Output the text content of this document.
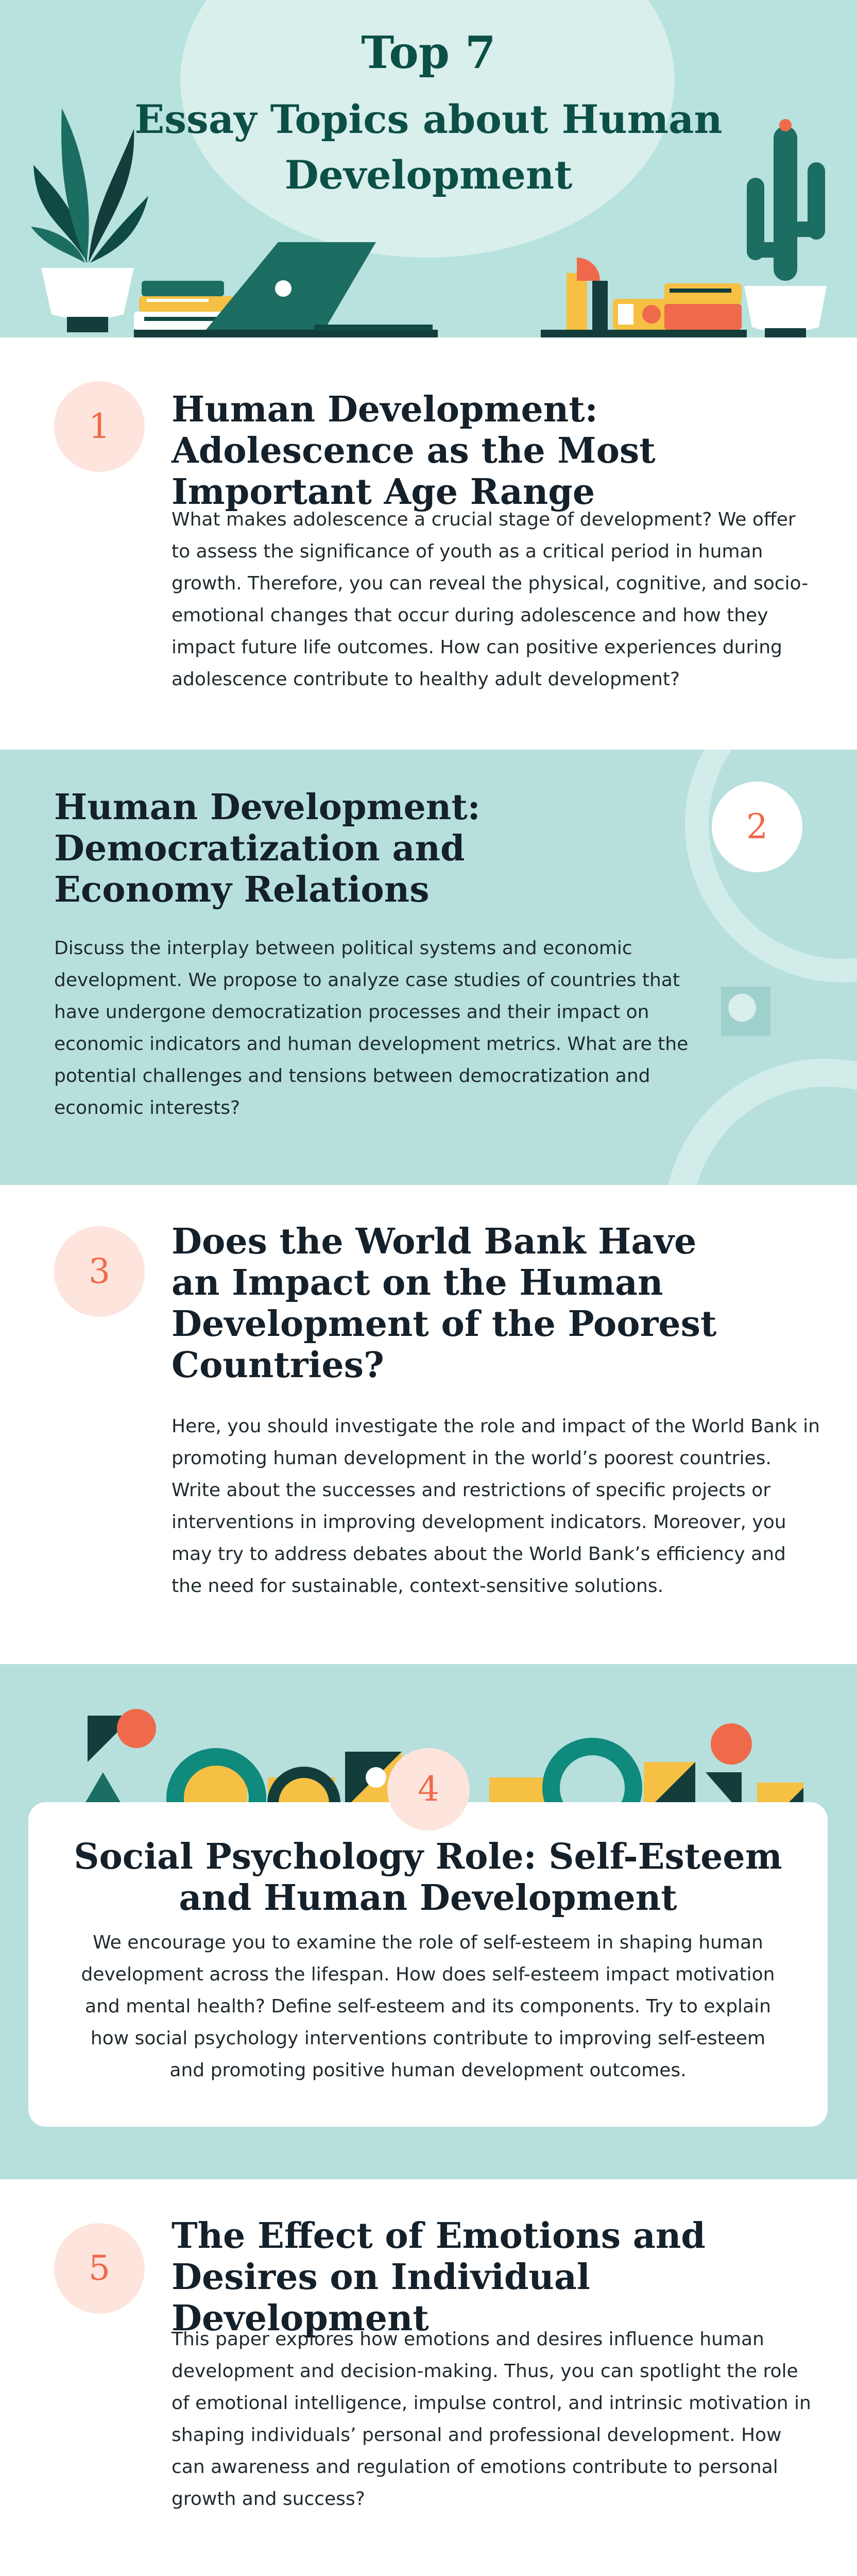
Top 7
Essay Topics about Human Development
1	Human Development: Adolescence as the Most Important Age Range

What makes adolescence a crucial stage of development? We offer to assess the significance of youth as a critical period in human growth. Therefore, you can reveal the physical, cognitive, and socio-emotional changes that occur during adolescence and how they impact future life outcomes. How can positive experiences during adolescence contribute to healthy adult development?

2
Human Development: Democratization and Economy Relations

Discuss the interplay between political systems and economic development. We propose to analyze case studies of countries that have undergone democratization processes and their impact on economic indicators and human development metrics. What are the potential challenges and tensions between democratization and economic interests?

3
Does the World Bank Have an Impact on the Human Development of the Poorest Countries?

Here, you should investigate the role and impact of the World Bank in promoting human development in the world’s poorest countries. Write about the successes and restrictions of specific projects or interventions in improving development indicators. Moreover, you may try to address debates about the World Bank’s efficiency and the need for sustainable, context-sensitive solutions.

Social Psychology Role: Self-Esteem and Human Development

We encourage you to examine the role of self-esteem in shaping human development across the lifespan. How does self-esteem impact motivation and mental health? Define self-esteem and its components. Try to explain how social psychology interventions contribute to improving self-esteem and promoting positive human development outcomes.

4
5
The Effect of Emotions and Desires on Individual Development

This paper explores how emotions and desires influence human development and decision-making. Thus, you can spotlight the role of emotional intelligence, impulse control, and intrinsic motivation in shaping individuals’ personal and professional development. How can awareness and regulation of emotions contribute to personal growth and success?
